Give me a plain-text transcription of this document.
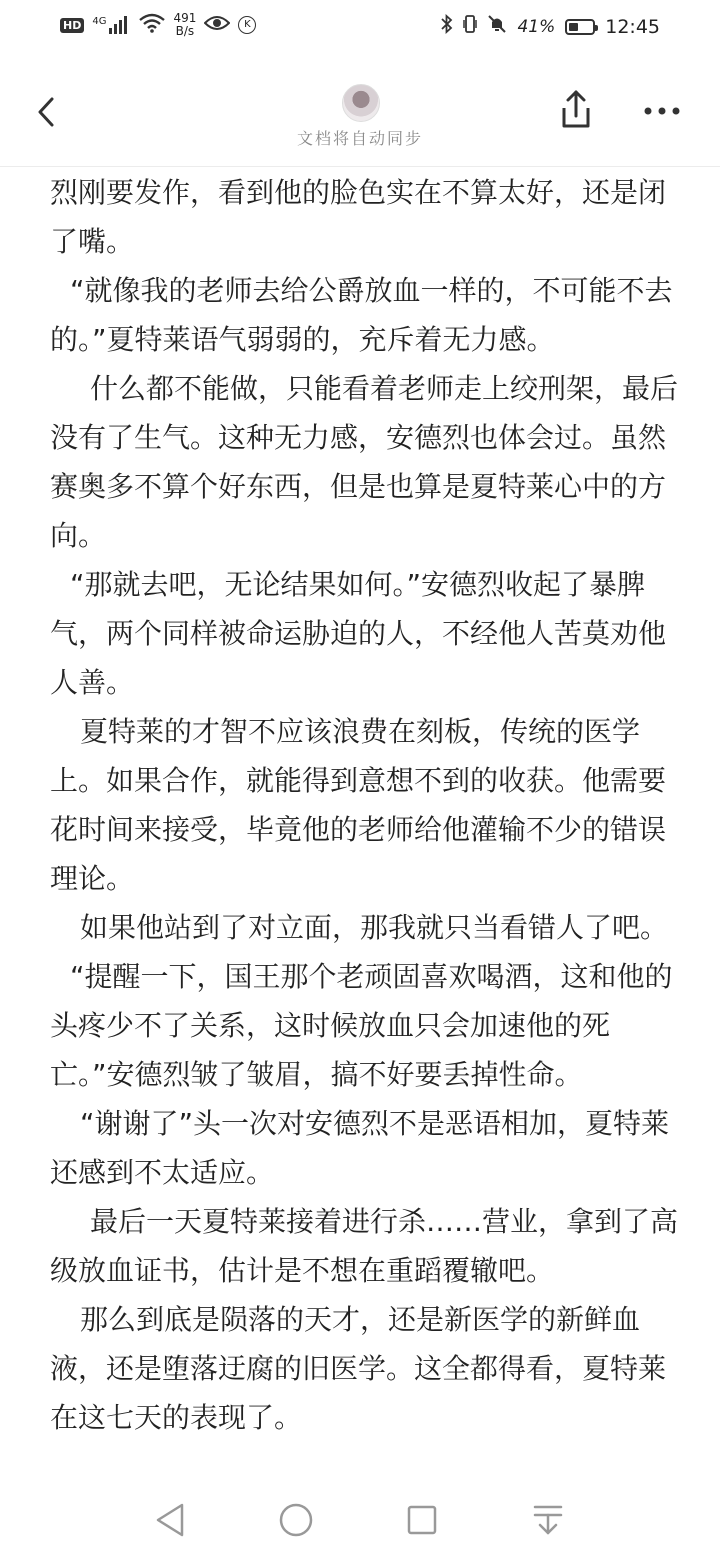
HD	4G	491
B/s	K	41%	12:45
文档将自动同步

烈刚要发作，看到他的脸色实在不算太好，还是闭了嘴。

“就像我的老师去给公爵放血一样的，不可能不去的。”夏特莱语气弱弱的，充斥着无力感。

什么都不能做，只能看着老师走上绞刑架，最后没有了生气。这种无力感，安德烈也体会过。虽然赛奥多不算个好东西，但是也算是夏特莱心中的方向。

“那就去吧，无论结果如何。”安德烈收起了暴脾气，两个同样被命运胁迫的人，不经他人苦莫劝他人善。

夏特莱的才智不应该浪费在刻板，传统的医学上。如果合作，就能得到意想不到的收获。他需要花时间来接受，毕竟他的老师给他灌输不少的错误理论。

如果他站到了对立面，那我就只当看错人了吧。

“提醒一下，国王那个老顽固喜欢喝酒，这和他的头疼少不了关系，这时候放血只会加速他的死亡。”安德烈皱了皱眉，搞不好要丢掉性命。

“谢谢了”头一次对安德烈不是恶语相加，夏特莱还感到不太适应。

最后一天夏特莱接着进行杀……营业，拿到了高级放血证书，估计是不想在重蹈覆辙吧。

那么到底是陨落的天才，还是新医学的新鲜血液，还是堕落迂腐的旧医学。这全都得看，夏特莱在这七天的表现了。
